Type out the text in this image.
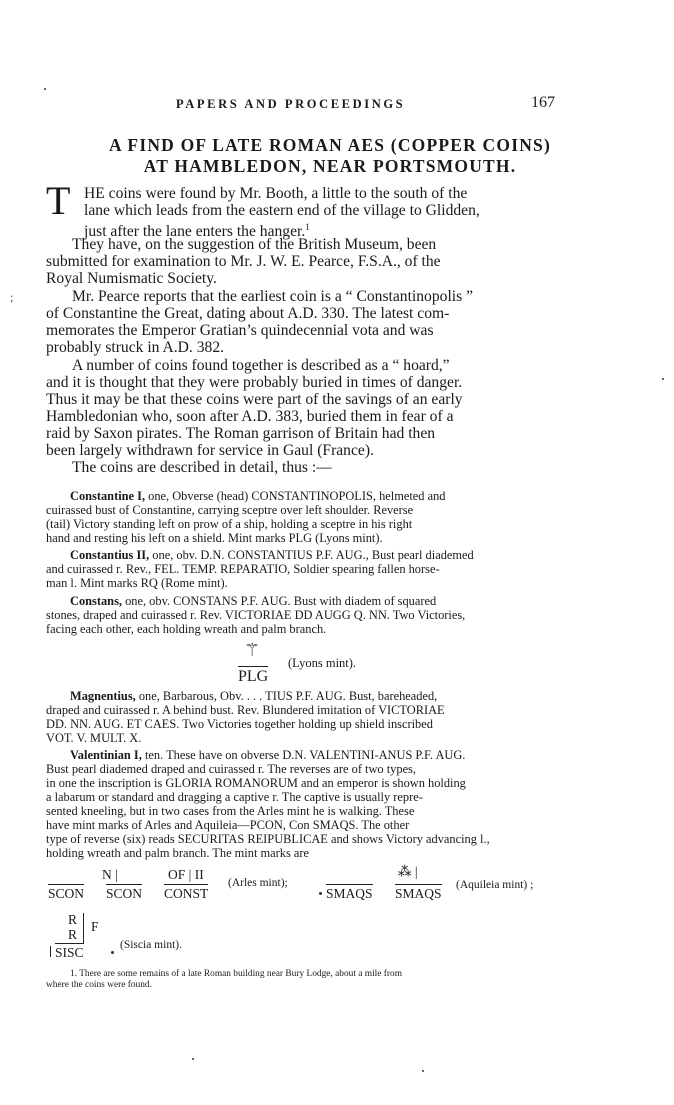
PAPERS AND PROCEEDINGS	167
A FIND OF LATE ROMAN AES (COPPER COINS)
AT HAMBLEDON, NEAR PORTSMOUTH.
T HE coins were found by Mr. Booth, a little to the south of the
lane which leads from the eastern end of the village to Glidden,
just after the lane enters the hanger.$^1$
They have, on the suggestion of the British Museum, been
submitted for examination to Mr. J. W. E. Pearce, F.S.A., of the
Royal Numismatic Society.
Mr. Pearce reports that the earliest coin is a “ Constantinopolis ”
of Constantine the Great, dating about A.D. 330. The latest com-
memorates the Emperor Gratian’s quindecennial vota and was
probably struck in A.D. 382.
A number of coins found together is described as a “ hoard,”
and it is thought that they were probably buried in times of danger.
Thus it may be that these coins were part of the savings of an early
Hambledonian who, soon after A.D. 383, buried them in fear of a
raid by Saxon pirates. The Roman garrison of Britain had then
been largely withdrawn for service in Gaul (France).
The coins are described in detail, thus :—
Constantine I, one, Obverse (head) CONSTANTINOPOLIS, helmeted and
cuirassed bust of Constantine, carrying sceptre over left shoulder. Reverse
(tail) Victory standing left on prow of a ship, holding a sceptre in his right
hand and resting his left on a shield. Mint marks PLG (Lyons mint).
Constantius II, one, obv. D.N. CONSTANTIUS P.F. AUG., Bust pearl diademed
and cuirassed r. Rev., FEL. TEMP. REPARATIO, Soldier spearing fallen horse-
man l. Mint marks RQ (Rome mint).
Constans, one, obv. CONSTANS P.F. AUG. Bust with diadem of squared
stones, draped and cuirassed r. Rev. VICTORIAE DD AUGG Q. NN. Two Victories,
facing each other, each holding wreath and palm branch.
⚚
PLG
(Lyons mint).
Magnentius, one, Barbarous, Obv. . . . TIUS P.F. AUG. Bust, bareheaded,
draped and cuirassed r. A behind bust. Rev. Blundered imitation of VICTORIAE
DD. NN. AUG. ET CAES. Two Victories together holding up shield inscribed
VOT. V. MULT. X.
Valentinian I, ten. These have on obverse D.N. VALENTINI-ANUS P.F. AUG.
Bust pearl diademed draped and cuirassed r. The reverses are of two types,
in one the inscription is GLORIA ROMANORUM and an emperor is shown holding
a labarum or standard and dragging a captive r. The captive is usually repre-
sented kneeling, but in two cases from the Arles mint he is walking. These
have mint marks of Arles and Aquileia—PCON, Con SMAQS. The other
type of reverse (six) reads SECURITAS REIPUBLICAE and shows Victory advancing l.,
holding wreath and palm branch. The mint marks are
N |	OF | II
SCON SCON CONST
(Arles mint);
SMAQS
⁂ |
SMAQS
(Aquileia mint) ;
R
R
F
SISC	(Siscia mint).
1. There are some remains of a late Roman building near Bury Lodge, about a mile from
where the coins were found.
;
